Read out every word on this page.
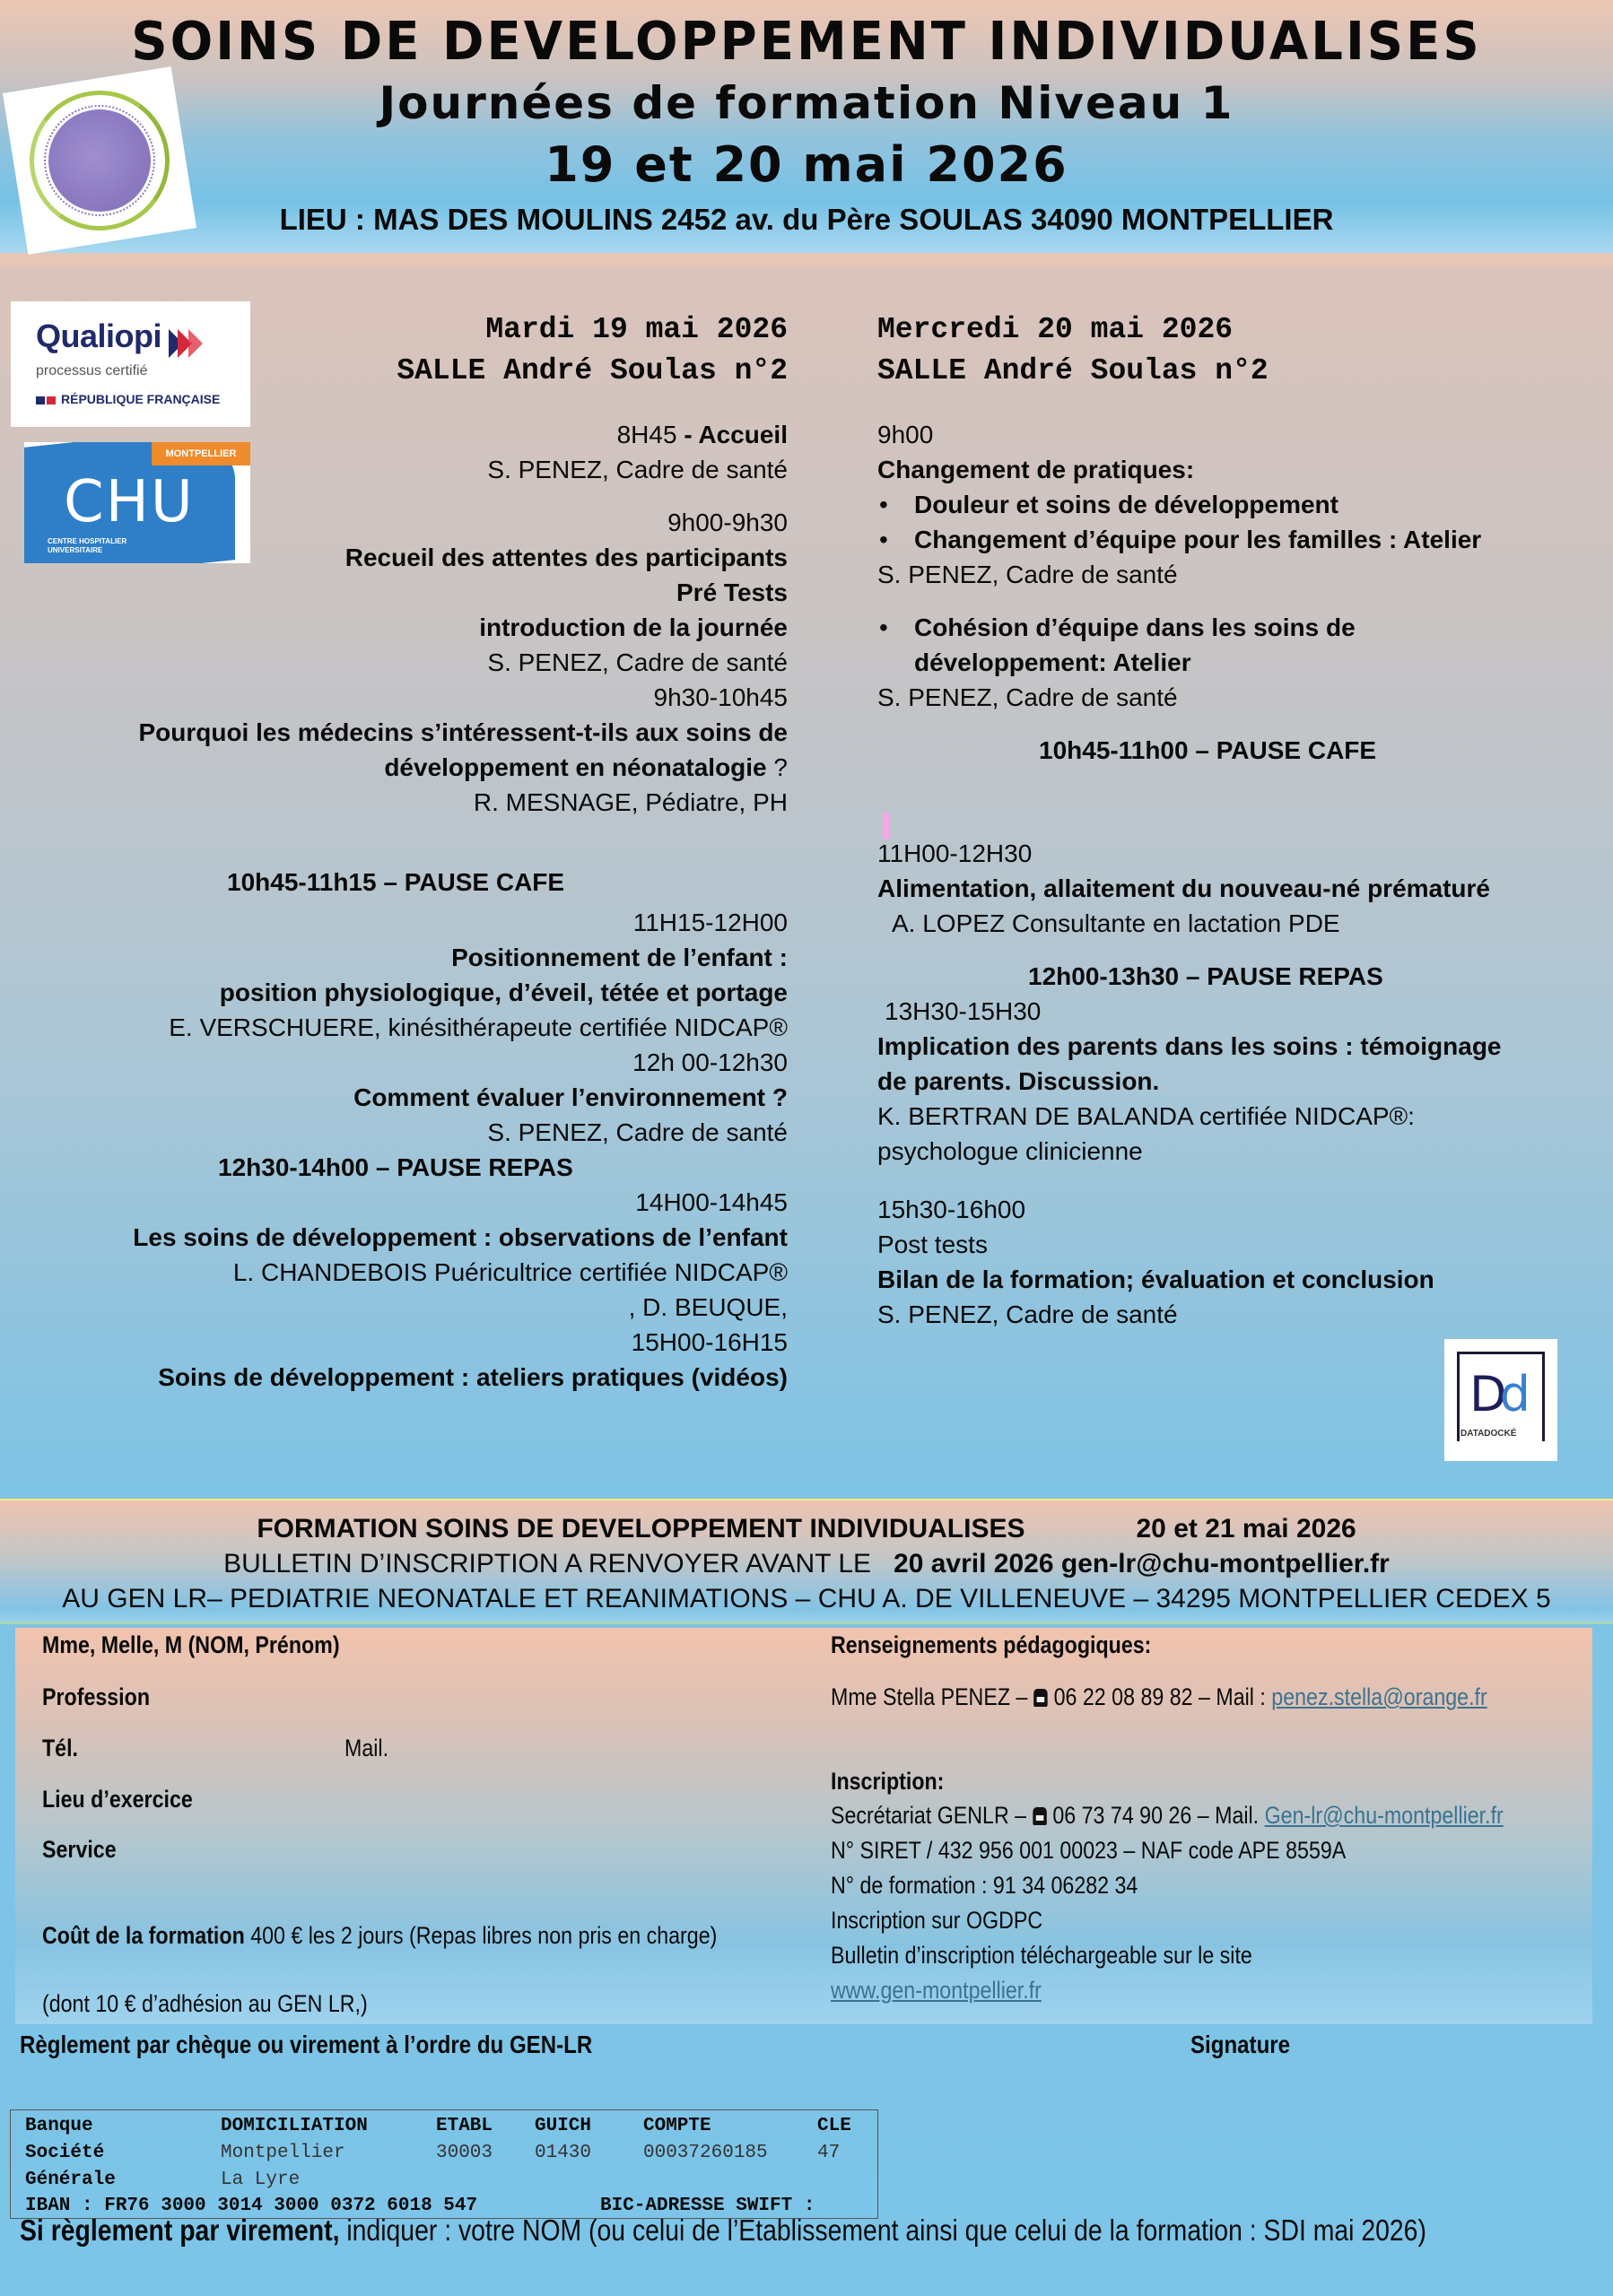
SOINS DE DEVELOPPEMENT INDIVIDUALISES
Journées de formation Niveau 1
19 et 20 mai 2026
LIEU : MAS DES MOULINS 2452 av. du Père SOULAS 34090 MONTPELLIER
Qualiopi
processus certifié
RÉPUBLIQUE FRANÇAISE
MONTPELLIER
CHU
CENTRE HOSPITALIER
UNIVERSITAIRE
Mardi 19 mai 2026
SALLE André Soulas n°2
8H45 - Accueil
S. PENEZ, Cadre de santé
9h00-9h30
Recueil des attentes des participants
Pré Tests
introduction de la journée
S. PENEZ, Cadre de santé
9h30-10h45
Pourquoi les médecins s’intéressent-t-ils aux soins de
développement en néonatalogie ?
R. MESNAGE, Pédiatre, PH
10h45-11h15 – PAUSE CAFE
11H15-12H00
Positionnement de l’enfant :
position physiologique, d’éveil, tétée et portage
E. VERSCHUERE, kinésithérapeute certifiée NIDCAP®
12h 00-12h30
Comment évaluer l’environnement ?
S. PENEZ, Cadre de santé
12h30-14h00 – PAUSE REPAS
14H00-14h45
Les soins de développement : observations de l’enfant
L. CHANDEBOIS Puéricultrice certifiée NIDCAP®
, D. BEUQUE,
15H00-16H15
Soins de développement : ateliers pratiques (vidéos)
Mercredi 20 mai 2026
SALLE André Soulas n°2
9h00
Changement de pratiques:
• Douleur et soins de développement
• Changement d’équipe pour les familles : Atelier
S. PENEZ, Cadre de santé
• Cohésion d’équipe dans les soins de
développement: Atelier
S. PENEZ, Cadre de santé
10h45-11h00 – PAUSE CAFE
11H00-12H30
Alimentation, allaitement du nouveau-né prématuré
A. LOPEZ Consultante en lactation PDE
12h00-13h30 – PAUSE REPAS
13H30-15H30
Implication des parents dans les soins : témoignage
de parents. Discussion.
K. BERTRAN DE BALANDA certifiée NIDCAP®:
psychologue clinicienne
15h30-16h00
Post tests
Bilan de la formation; évaluation et conclusion
S. PENEZ, Cadre de santé
Dd
DATADOCKÉ
FORMATION SOINS DE DEVELOPPEMENT INDIVIDUALISES	20 et 21 mai 2026
BULLETIN D’INSCRIPTION A RENVOYER AVANT LE 20 avril 2026 gen-lr@chu-montpellier.fr
AU GEN LR– PEDIATRIE NEONATALE ET REANIMATIONS – CHU A. DE VILLENEUVE – 34295 MONTPELLIER CEDEX 5
Mme, Melle, M (NOM, Prénom)
Profession
Tél.	Mail.
Lieu d’exercice
Service
Coût de la formation 400 € les 2 jours (Repas libres non pris en charge)
(dont 10 € d’adhésion au GEN LR,)
Renseignements pédagogiques:
Mme Stella PENEZ – 06 22 08 89 82 – Mail : penez.stella@orange.fr
Inscription:
Secrétariat GENLR – 06 73 74 90 26 – Mail. Gen-lr@chu-montpellier.fr
N° SIRET / 432 956 001 00023 – NAF code APE 8559A
N° de formation : 91 34 06282 34
Inscription sur OGDPC
Bulletin d’inscription téléchargeable sur le site
www.gen-montpellier.fr
Règlement par chèque ou virement à l’ordre du GEN-LR	Signature
Banque	DOMICILIATION	ETABL GUICH	COMPTE	CLE
Société	Montpellier	30003 01430	00037260185	47
Générale	La Lyre
IBAN : FR76 3000 3014 3000 0372 6018 547	BIC-ADRESSE SWIFT :
Si règlement par virement, indiquer : votre NOM (ou celui de l’Etablissement ainsi que celui de la formation : SDI mai 2026)
